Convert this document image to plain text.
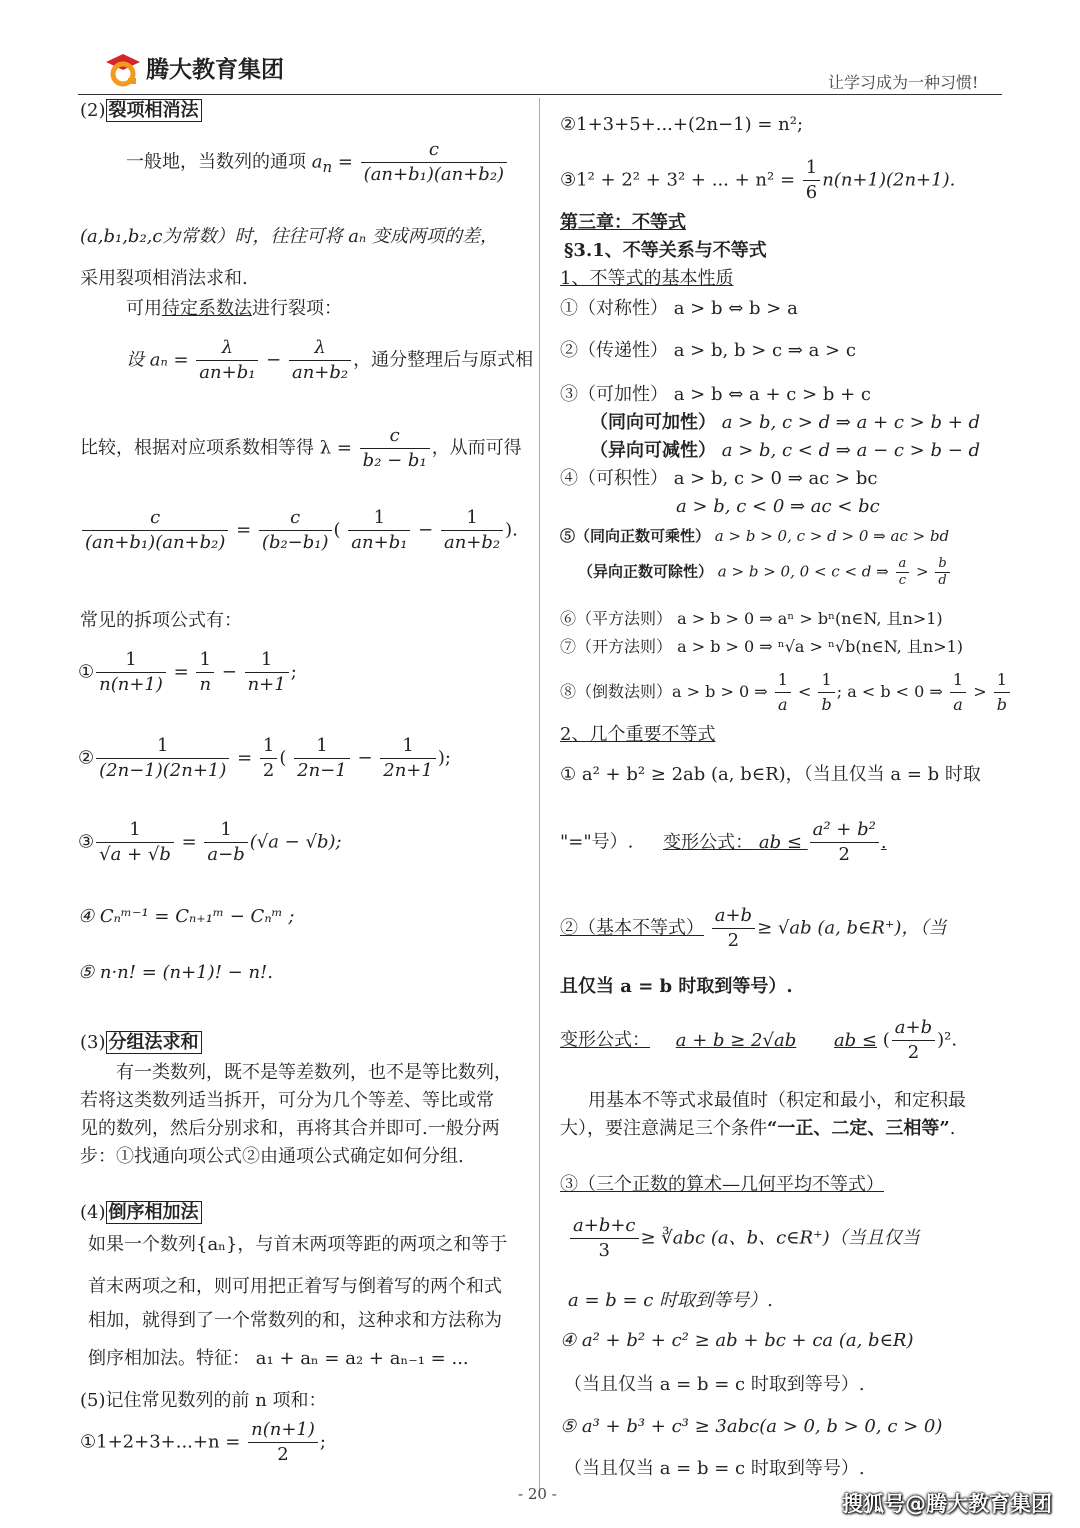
腾大教育集团	让学习成为一种习惯!
(2) 裂项相消法
一般地，当数列的通项 $a_n = \frac{c}{\text{(an+b₁)(an+b₂)}}$
(a,b₁,b₂,c为常数）时，往往可将 aₙ 变成两项的差，
采用裂项相消法求和.
可用待定系数法进行裂项：
设 $a_n = \frac{\lambda}{\text{an+b₁}} - \frac{\lambda}{\text{an+b₂}}$ ，通分整理后与原式相
比较，根据对应项系数相等得 $\lambda = \frac{c}{\text{b₂ − b₁}}$ ，从而可得
$\frac{c}{\text{(an+b₁)(an+b₂)}} = \frac{c}{\text{(b₂−b₁)}}$ ( $\frac{1}{\text{an+b₁}} - \frac{1}{\text{an+b₂}}$ ).
常见的拆项公式有：
① $\frac{1}{n(n+1)} = \frac{1}{n} - \frac{1}{n+1}$ ;
② $\frac{1}{(2n-1)(2n+1)} = \frac{1}{2}$ ( $\frac{1}{2n-1} - \frac{1}{2n+1}$ );
③ $\frac{1}{√a + √b} = \frac{1}{a-b} (√a - √b)$;
④ Cₙᵐ⁻¹ = Cₙ₊₁ᵐ − Cₙᵐ ;
⑤ n·n! = (n+1)! − n!.
(3) 分组法求和
有一类数列，既不是等差数列，也不是等比数列，
若将这类数列适当拆开，可分为几个等差、等比或常
见的数列，然后分别求和，再将其合并即可.一般分两
步：①找通向项公式②由通项公式确定如何分组.
(4) 倒序相加法
如果一个数列{aₙ}，与首末两项等距的两项之和等于
首末两项之和，则可用把正着写与倒着写的两个和式
相加，就得到了一个常数列的和，这种求和方法称为
倒序相加法。特征： a₁ + aₙ = a₂ + aₙ₋₁ = ...
(5)记住常见数列的前 n 项和：
①1+2+3+...+n = $\frac{n(n+1)}{2}$ ;
②1+3+5+...+(2n−1) = n²;
③1² + 2² + 3² + ... + $n^2 = \frac{1}{6} n(n+1)(2n+1)$.
第三章：不等式
§3.1、不等关系与不等式
1、不等式的基本性质
①（对称性） a > b ⇔ b > a
②（传递性） a > b, b > c ⇒ a > c
③（可加性） a > b ⇔ a + c > b + c
（同向可加性） a > b, c > d ⇒ a + c > b + d
（异向可减性） a > b, c < d ⇒ a − c > b − d
④（可积性） a > b, c > 0 ⇒ ac > bc
a > b, c < 0 ⇒ ac < bc
⑤（同向正数可乘性） a > b > 0, c > d > 0 ⇒ ac > bd
（异向正数可除性） a > b > 0, 0 < c < d ⇒ $\frac{a}{c} > \frac{b}{d}$
⑥（平方法则） a > b > 0 ⇒ aⁿ > bⁿ(n∈N, 且n>1)
⑦（开方法则） a > b > 0 ⇒ ⁿ√a > ⁿ√b(n∈N, 且n>1)
⑧（倒数法则）a > b > 0 ⇒ $\frac{1}{a} < \frac{1}{b}$ ; a < b < 0 ⇒ $\frac{1}{a} > \frac{1}{b}$
2、几个重要不等式
① a² + b² ≥ 2ab (a, b∈R)，（当且仅当 a = b 时取
"="号）. 变形公式： ab ≤ $\frac{\text{a² + b²}}{2}$ .
②（基本不等式） $\frac{a+b}{2} \ge √ab$ (a, b∈R⁺)，（当
且仅当 a = b 时取到等号）.
变形公式： a + b ≥ 2√ab ab ≤ ( $\frac{a+b}{2} )^2$.
用基本不等式求最值时（积定和最小，和定积最
大），要注意满足三个条件“一正、二定、三相等”.
③（三个正数的算术—几何平均不等式）
$\frac{a+b+c}{3}$ ≥ ∛abc (a、b、c∈R⁺)（当且仅当
a = b = c 时取到等号）.
④ a² + b² + c² ≥ ab + bc + ca (a, b∈R)
（当且仅当 a = b = c 时取到等号）.
⑤ a³ + b³ + c³ ≥ 3abc(a > 0, b > 0, c > 0)
（当且仅当 a = b = c 时取到等号）.
- 20 -	搜狐号@腾大教育集团
